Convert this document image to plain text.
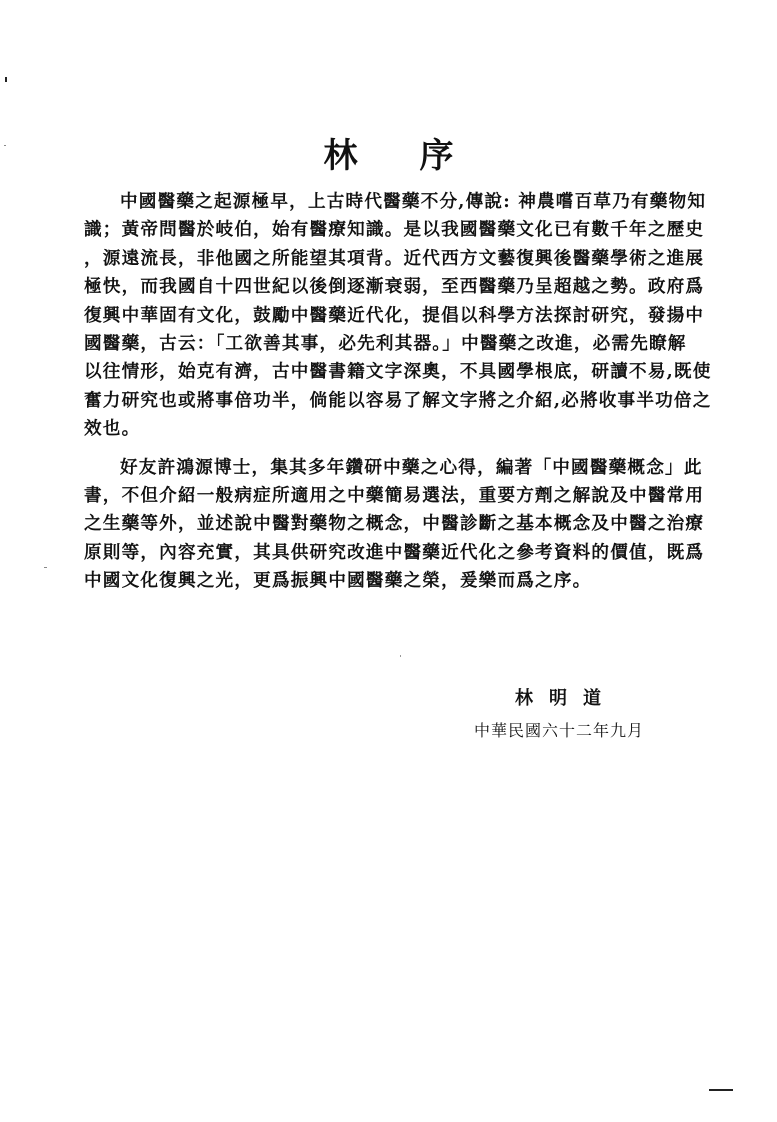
林 序
中國醫藥之起源極早，上古時代醫藥不分,傳說: 神農嚐百草乃有藥物知
識；黃帝問醫於岐伯，始有醫療知識。是以我國醫藥文化已有數千年之歷史
，源遠流長，非他國之所能望其項背。近代西方文藝復興後醫藥學術之進展
極快，而我國自十四世紀以後倒逐漸衰弱，至西醫藥乃呈超越之勢。政府爲
復興中華固有文化，鼓勵中醫藥近代化，提倡以科學方法探討研究，發揚中
國醫藥，古云：「工欲善其事，必先利其器。」中醫藥之改進，必需先瞭解
以往情形，始克有濟，古中醫書籍文字深奧，不具國學根底，研讀不易,既使
奮力研究也或將事倍功半，倘能以容易了解文字將之介紹,必將收事半功倍之
效也。
好友許鴻源博士，集其多年鑽研中藥之心得，編著「中國醫藥概念」此
書，不但介紹一般病症所適用之中藥簡易選法，重要方劑之解說及中醫常用
之生藥等外，並述說中醫對藥物之概念，中醫診斷之基本概念及中醫之治療
原則等，內容充實，其具供研究改進中醫藥近代化之參考資料的價值，既爲
中國文化復興之光，更爲振興中國醫藥之榮，爰樂而爲之序。
林明道
中華民國六十二年九月
